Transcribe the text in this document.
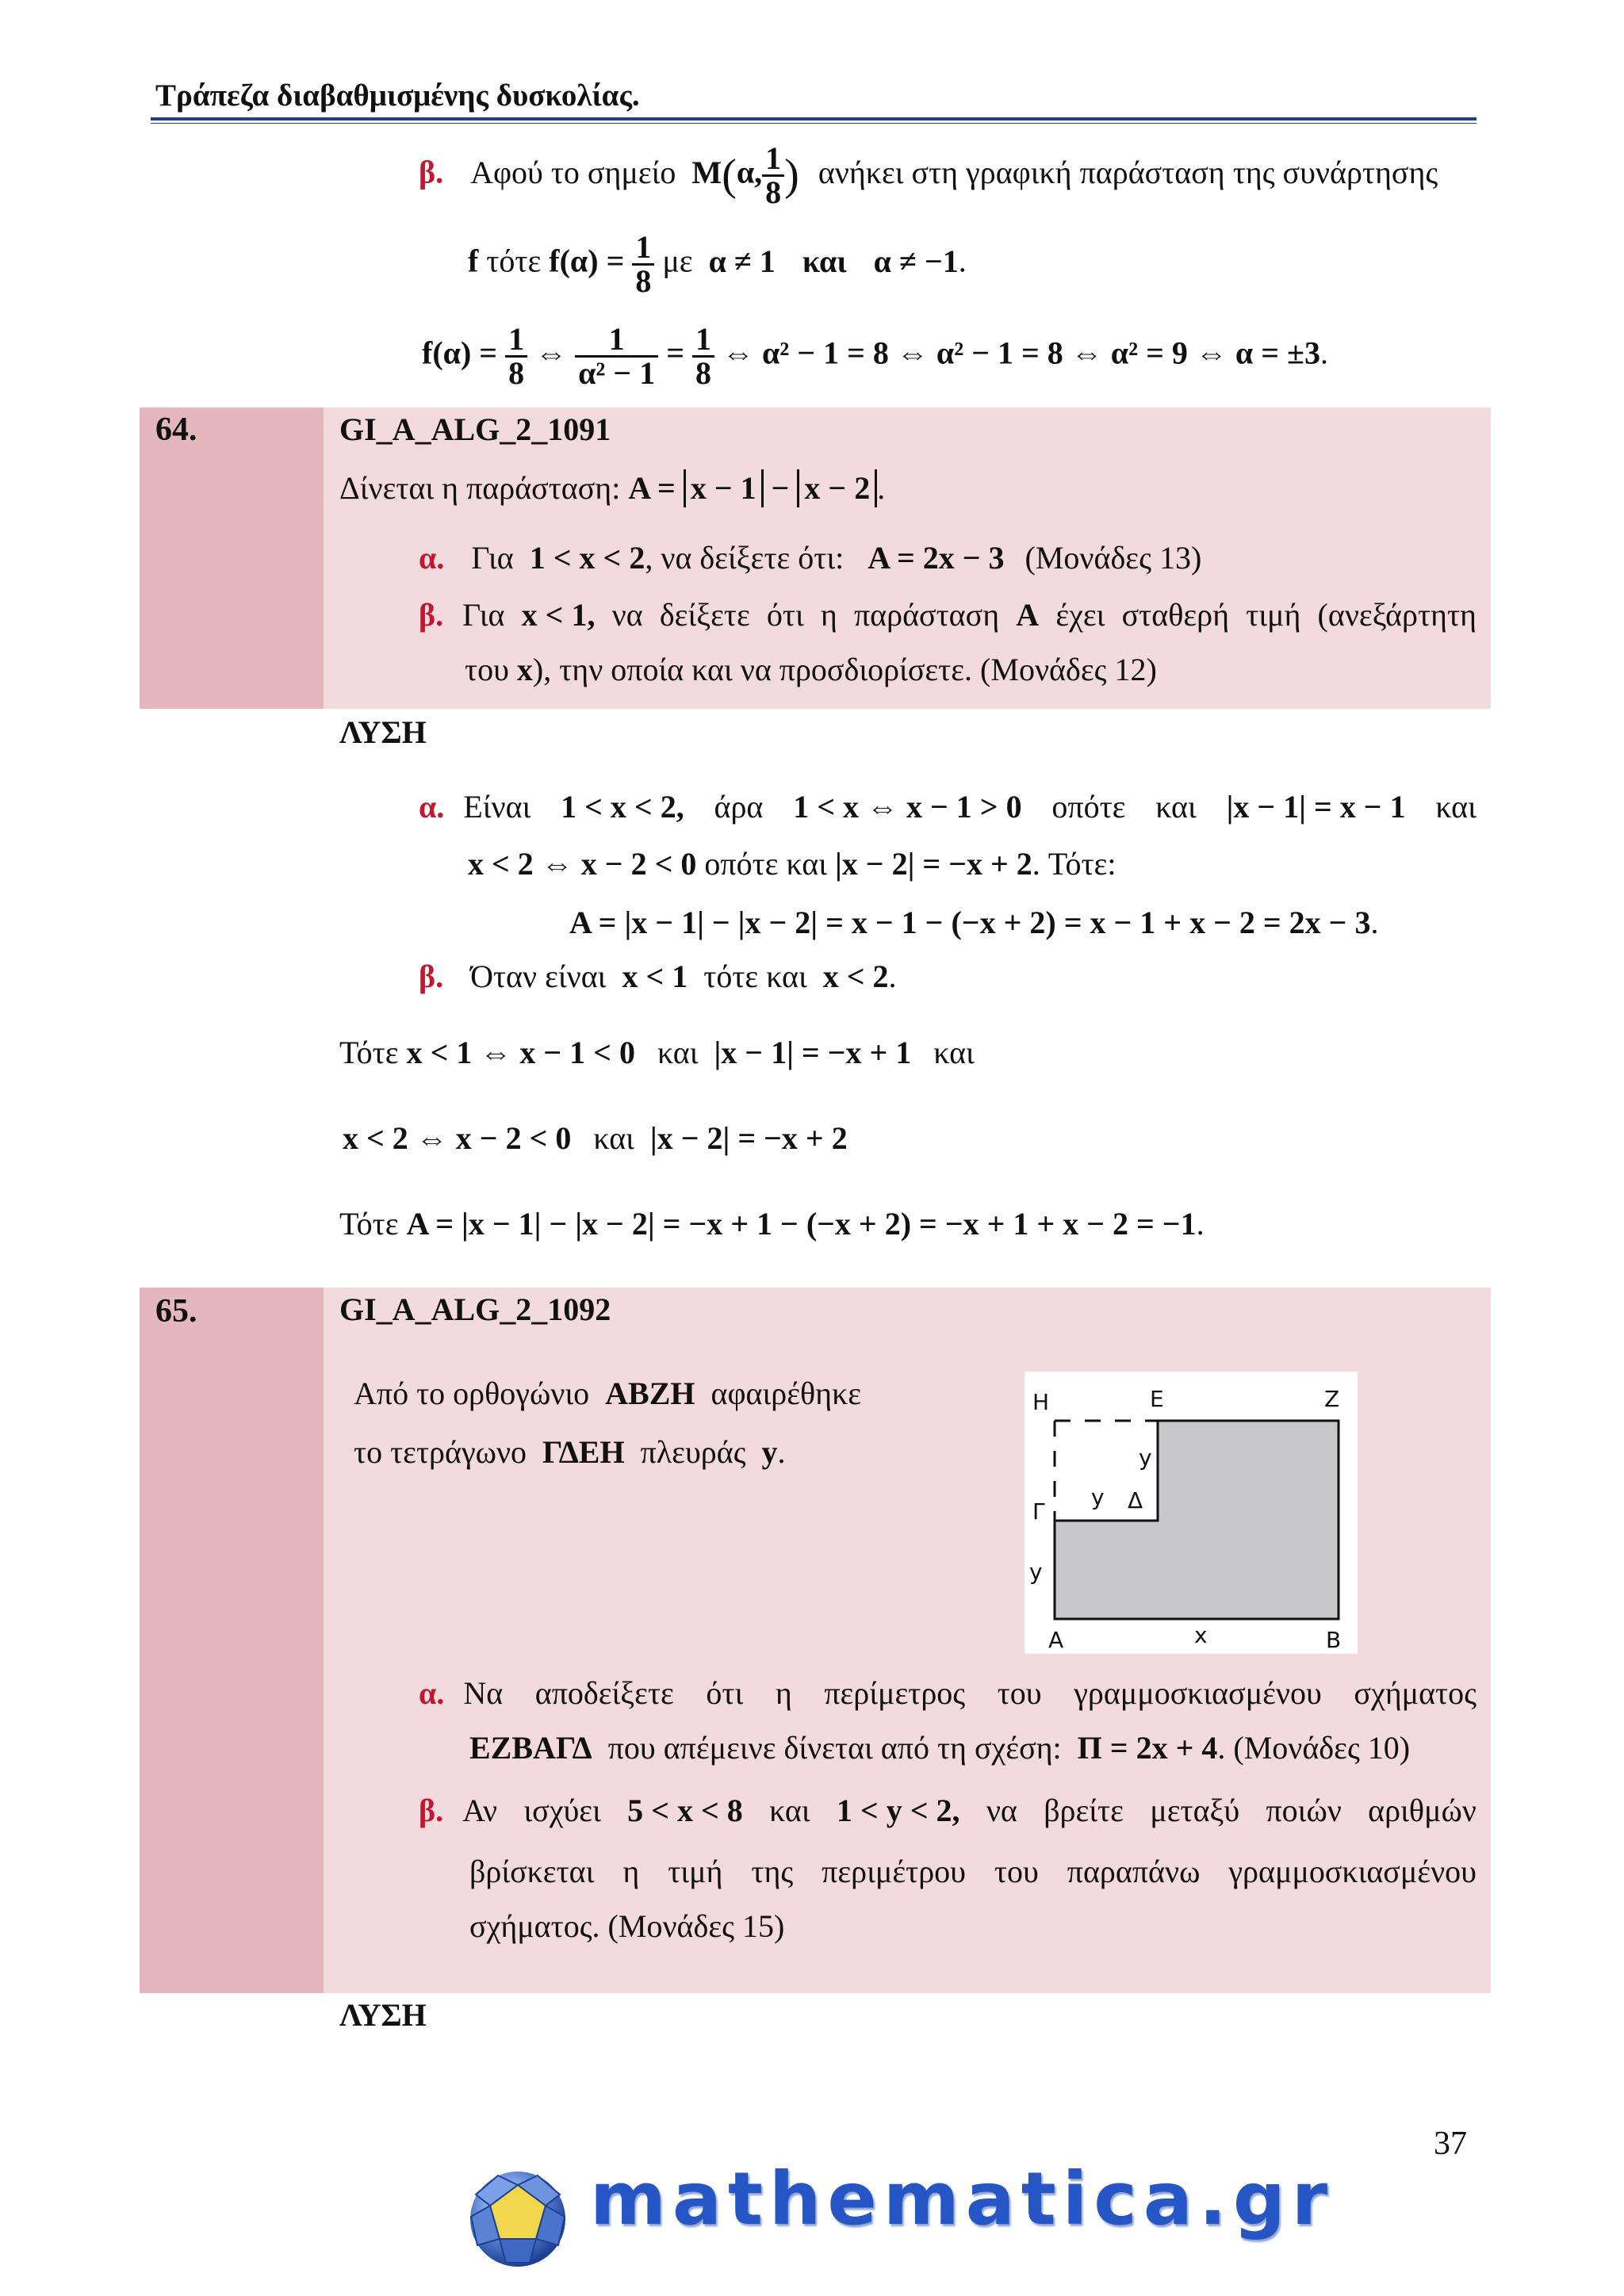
Τράπεζα διαβαθμισμένης δυσκολίας.
β. Αφού το σημείο Μ(α, $\frac{1}{8}$ ) ανήκει στη γραφική παράσταση της συνάρτησης
f τότε $f(\alpha) = \frac{1}{8}$ με α ≠ 1 και α ≠ −1.
$f(\alpha) = \frac{1}{8}$ ⇔ $\frac{1}{\text{α² − 1}} = \frac{1}{8}$ ⇔ α² − 1 = 8 ⇔ α² − 1 = 8 ⇔ α² = 9 ⇔ α = ±3.
64.	GI_A_ALG_2_1091
Δίνεται η παράσταση: A = x − 1 − x − 2 .
α. Για 1 < x < 2, να δείξετε ότι: A = 2x − 3 (Μονάδες 13)
β. Για x < 1, να δείξετε ότι η παράσταση A έχει σταθερή τιμή (ανεξάρτητη
του x), την οποία και να προσδιορίσετε. (Μονάδες 12)
ΛΥΣΗ
α. Είναι 1 < x < 2, άρα 1 < x ⇔ x − 1 > 0 οπότε και |x − 1| = x − 1 και
x < 2 ⇔ x − 2 < 0 οπότε και |x − 2| = −x + 2. Τότε:
A = |x − 1| − |x − 2| = x − 1 − (−x + 2) = x − 1 + x − 2 = 2x − 3.
β. Όταν είναι x < 1 τότε και x < 2.
Τότε x < 1 ⇔ x − 1 < 0 και |x − 1| = −x + 1 και
x < 2 ⇔ x − 2 < 0 και |x − 2| = −x + 2
Τότε A = |x − 1| − |x − 2| = −x + 1 − (−x + 2) = −x + 1 + x − 2 = −1.
65.	GI_A_ALG_2_1092
Από το ορθογώνιο ΑΒΖΗ αφαιρέθηκε
το τετράγωνο ΓΔΕΗ πλευράς y.
Η	Ε	Ζ
Γ	Δ
Α	Β
x
y
y
y
α. Να αποδείξετε ότι η περίμετρος του γραμμοσκιασμένου σχήματος
ΕΖΒΑΓΔ που απέμεινε δίνεται από τη σχέση: Π = 2x + 4. (Μονάδες 10)
β. Αν ισχύει 5 < x < 8 και 1 < y < 2, να βρείτε μεταξύ ποιών αριθμών
βρίσκεται η τιμή της περιμέτρου του παραπάνω γραμμοσκιασμένου
σχήματος. (Μονάδες 15)
ΛΥΣΗ
37
mathematica.gr
